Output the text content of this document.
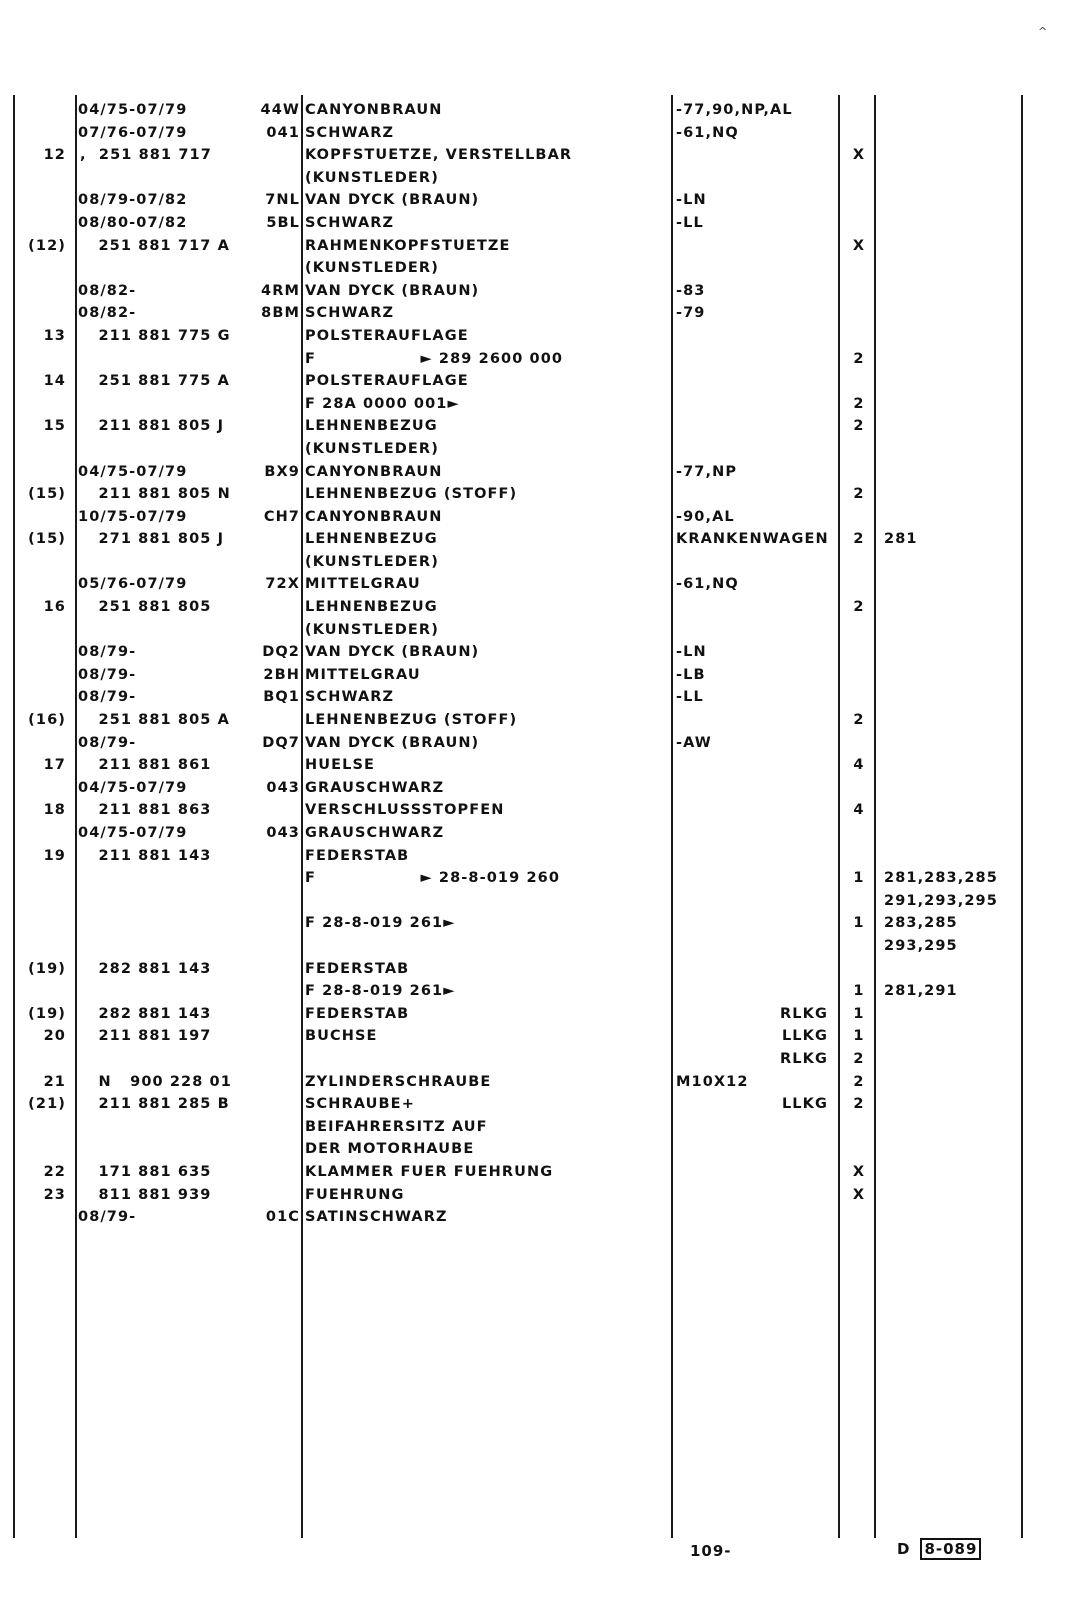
^
04/75-07/79	44W CANYONBRAUN	-77,90,NP,AL
07/76-07/79	041 SCHWARZ	-61,NQ
12 ,  251 881 717	KOPFSTUETZE, VERSTELLBAR	X
(KUNSTLEDER)
08/79-07/82	7NL VAN DYCK (BRAUN)	-LN
08/80-07/82	5BL SCHWARZ	-LL
(12) 251 881 717 A	RAHMENKOPFSTUETZE	X
(KUNSTLEDER)
08/82-	4RM VAN DYCK (BRAUN)	-83
08/82-	8BM SCHWARZ	-79
13 211 881 775 G	POLSTERAUFLAGE
F                 ► 289 2600 000	2
14 251 881 775 A	POLSTERAUFLAGE
F 28A 0000 001►	2
15 211 881 805 J	LEHNENBEZUG	2
(KUNSTLEDER)
04/75-07/79	BX9 CANYONBRAUN	-77,NP
(15) 211 881 805 N	LEHNENBEZUG (STOFF)	2
10/75-07/79	CH7 CANYONBRAUN	-90,AL
(15) 271 881 805 J	LEHNENBEZUG	KRANKENWAGEN	2	281
(KUNSTLEDER)
05/76-07/79	72X MITTELGRAU	-61,NQ
16 251 881 805	LEHNENBEZUG	2
(KUNSTLEDER)
08/79-	DQ2 VAN DYCK (BRAUN)	-LN
08/79-	2BH MITTELGRAU	-LB
08/79-	BQ1 SCHWARZ	-LL
(16) 251 881 805 A	LEHNENBEZUG (STOFF)	2
08/79-	DQ7 VAN DYCK (BRAUN)	-AW
17 211 881 861	HUELSE	4
04/75-07/79	043 GRAUSCHWARZ
18 211 881 863	VERSCHLUSSSTOPFEN	4
04/75-07/79	043 GRAUSCHWARZ
19 211 881 143	FEDERSTAB
F                 ► 28-8-019 260	1	281,283,285
291,293,295
F 28-8-019 261►	1	283,285
293,295
(19) 282 881 143	FEDERSTAB
F 28-8-019 261►	1	281,291
(19) 282 881 143	FEDERSTAB	RLKG	1
20 211 881 197	BUCHSE	LLKG	1
RLKG	2
21 N   900 228 01	ZYLINDERSCHRAUBE	M10X12	2
(21) 211 881 285 B	SCHRAUBE+	LLKG	2
BEIFAHRERSITZ AUF
DER MOTORHAUBE
22 171 881 635	KLAMMER FUER FUEHRUNG	X
23 811 881 939	FUEHRUNG	X
08/79-	01C SATINSCHWARZ
109-	D 8-089
